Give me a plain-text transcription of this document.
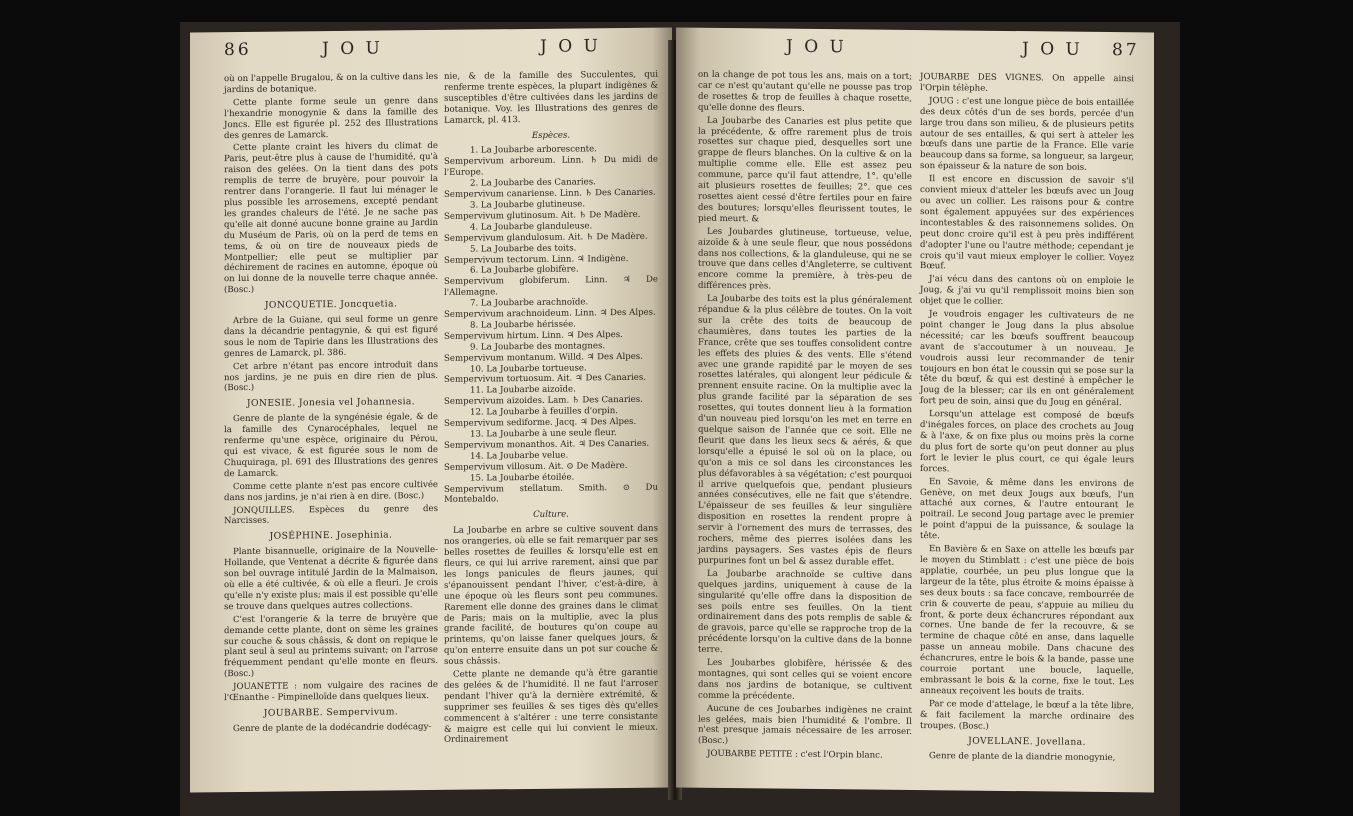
86	J O U	J O U

où on l'appelle Brugalou, & on la cultive dans les jardins de botanique.

Cette plante forme seule un genre dans l'hexandrie monogynie & dans la famille des Joncs. Elle est figurée pl. 252 des Illustrations des genres de Lamarck.

Cette plante craint les hivers du climat de Paris, peut-être plus à cause de l'humidité, qu'à raison des gelées. On la tient dans des pots remplis de terre de bruyère, pour pouvoir la rentrer dans l'orangerie. Il faut lui ménager le plus possible les arrosemens, excepté pendant les grandes chaleurs de l'été. Je ne sache pas qu'elle ait donné aucune bonne graine au Jardin du Muséum de Paris, où on la perd de tems en tems, & où on tire de nouveaux pieds de Montpellier; elle peut se multiplier par déchirement de racines en automne, époque où on lui donne de la nouvelle terre chaque année. (Bosc.)

JONCQUETIE. Joncquetia.

Arbre de la Guiane, qui seul forme un genre dans la décandrie pentagynie, & qui est figuré sous le nom de Tapirie dans les Illustrations des genres de Lamarck, pl. 386.

Cet arbre n'étant pas encore introduit dans nos jardins, je ne puis en dire rien de plus. (Bosc.)

JONESIE. Jonesia vel Johannesia.

Genre de plante de la syngénésie égale, & de la famille des Cynarocéphales, lequel ne renferme qu'une espèce, originaire du Pérou, qui est vivace, & est figurée sous le nom de Chuquiraga, pl. 691 des Illustrations des genres de Lamarck.

Comme cette plante n'est pas encore cultivée dans nos jardins, je n'ai rien à en dire. (Bosc.)

JONQUILLES. Espèces du genre des Narcisses.

JOSÉPHINE. Josephinia.

Plante bisannuelle, originaire de la Nouvelle-Hollande, que Ventenat a décrite & figurée dans son bel ouvrage intitulé Jardin de la Malmaison, où elle a été cultivée, & où elle a fleuri. Je crois qu'elle n'y existe plus; mais il est possible qu'elle se trouve dans quelques autres collections.

C'est l'orangerie & la terre de bruyère que demande cette plante, dont on sème les graines sur couche & sous châssis, & dont on repique le plant seul à seul au printems suivant; on l'arrose fréquemment pendant qu'elle monte en fleurs. (Bosc.)

JOUANETTE : nom vulgaire des racines de l'Œnanthe - Pimpinelloïde dans quelques lieux.

JOUBARBE. Sempervivum.

Genre de plante de la dodécandrie dodécagy-

nie, & de la famille des Succulentes, qui renferme trente espèces, la plupart indigènes & susceptibles d'être cultivées dans les jardins de botanique. Voy. les Illustrations des genres de Lamarck, pl. 413.

Espèces.

1. La Joubarbe arborescente.

Sempervivum arboreum. Linn. ♄ Du midi de l'Europe.

2. La Joubarbe des Canaries.

Sempervivum canariense. Linn. ♄ Des Canaries.

3. La Joubarbe glutineuse.

Sempervivum glutinosum. Ait. ♄ De Madère.

4. La Joubarbe glanduleuse.

Sempervivum glandulosum. Ait. ♄ De Madère.

5. La Joubarbe des toits.

Sempervivum tectorum. Linn. ♃ Indigène.

6. La Joubarbe globifère.

Sempervivum globiferum. Linn. ♃ De l'Allemagne.

7. La Joubarbe arachnoïde.

Sempervivum arachnoideum. Linn. ♃ Des Alpes.

8. La Joubarbe hérissée.

Sempervivum hirtum. Linn. ♃ Des Alpes.

9. La Joubarbe des montagnes.

Sempervivum montanum. Willd. ♃ Des Alpes.

10. La Joubarbe tortueuse.

Sempervivum tortuosum. Ait. ♃ Des Canaries.

11. La Joubarbe aizoïde.

Sempervivum aizoides. Lam. ♄ Des Canaries.

12. La Joubarbe à feuilles d'orpin.

Sempervivum sediforme. Jacq. ♃ Des Alpes.

13. La Joubarbe à une seule fleur.

Sempervivum monanthos. Ait. ♃ Des Canaries.

14. La Joubarbe velue.

Sempervivum villosum. Ait. ⊙ De Madère.

15. La Joubarbe étoilée.

Sempervivum stellatum. Smith. ⊙ Du Montebaldo.

Culture.

La Joubarbe en arbre se cultive souvent dans nos orangeries, où elle se fait remarquer par ses belles rosettes de feuilles & lorsqu'elle est en fleurs, ce qui lui arrive rarement, ainsi que par les longs panicules de fleurs jaunes, qui s'épanouissent pendant l'hiver, c'est-à-dire, à une époque où les fleurs sont peu communes. Rarement elle donne des graines dans le climat de Paris; mais on la multiplie, avec la plus grande facilité, de boutures qu'on coupe au printems, qu'on laisse faner quelques jours, & qu'on enterre ensuite dans un pot sur couche & sous châssis.

Cette plante ne demande qu'à être garantie des gelées & de l'humidité. Il ne faut l'arroser pendant l'hiver qu'à la dernière extrémité, & supprimer ses feuilles & ses tiges dès qu'elles commencent à s'altérer : une terre consistante & maigre est celle qui lui convient le mieux. Ordinairement

J O U	J O U 87

on la change de pot tous les ans, mais on a tort; car ce n'est qu'autant qu'elle ne pousse pas trop de rosettes & trop de feuilles à chaque rosette, qu'elle donne des fleurs.

La Joubarbe des Canaries est plus petite que la précédente, & offre rarement plus de trois rosettes sur chaque pied, desquelles sort une grappe de fleurs blanches. On la cultive & on la multiplie comme elle. Elle est assez peu commune, parce qu'il faut attendre, 1°. qu'elle ait plusieurs rosettes de feuilles; 2°. que ces rosettes aient cessé d'être fertiles pour en faire des boutures; lorsqu'elles fleurissent toutes, le pied meurt. &

Les Joubardes glutineuse, tortueuse, velue, aizoïde & à une seule fleur, que nous possédons dans nos collections, & la glanduleuse, qui ne se trouve que dans celles d'Angleterre, se cultivent encore comme la première, à très-peu de différences près.

La Joubarbe des toits est la plus généralement répandue & la plus célèbre de toutes. On la voit sur la crête des toits de beaucoup de chaumières, dans toutes les parties de la France, crête que ses touffes consolident contre les effets des pluies & des vents. Elle s'étend avec une grande rapidité par le moyen de ses rosettes latérales, qui alongent leur pédicule & prennent ensuite racine. On la multiplie avec la plus grande facilité par la séparation de ses rosettes, qui toutes donnent lieu à la formation d'un nouveau pied lorsqu'on les met en terre en quelque saison de l'année que ce soit. Elle ne fleurit que dans les lieux secs & aérés, & que lorsqu'elle a épuisé le sol où on la place, ou qu'on a mis ce sol dans les circonstances les plus défavorables à sa végétation; c'est pourquoi il arrive quelquefois que, pendant plusieurs années consécutives, elle ne fait que s'étendre. L'épaisseur de ses feuilles & leur singulière disposition en rosettes la rendent propre à servir à l'ornement des murs de terrasses, des rochers, même des pierres isolées dans les jardins paysagers. Ses vastes épis de fleurs purpurines font un bel & assez durable effet.

La Joubarbe arachnoïde se cultive dans quelques jardins, uniquement à cause de la singularité qu'elle offre dans la disposition de ses poils entre ses feuilles. On la tient ordinairement dans des pots remplis de sable & de gravois, parce qu'elle se rapproche trop de la précédente lorsqu'on la cultive dans de la bonne terre.

Les Joubarbes globifère, hérissée & des montagnes, qui sont celles qui se voient encore dans nos jardins de botanique, se cultivent comme la précédente.

Aucune de ces Joubarbes indigènes ne craint les gelées, mais bien l'humidité & l'ombre. Il n'est presque jamais nécessaire de les arroser. (Bosc.)

JOUBARBE PETITE : c'est l'Orpin blanc.

JOUBARBE DES VIGNES. On appelle ainsi l'Orpin télèphe.

JOUG : c'est une longue pièce de bois entaillée des deux côtés d'un de ses bords, percée d'un large trou dans son milieu, & de plusieurs petits autour de ses entailles, & qui sert à atteler les bœufs dans une partie de la France. Elle varie beaucoup dans sa forme, sa longueur, sa largeur, son épaisseur & la nature de son bois.

Il est encore en discussion de savoir s'il convient mieux d'atteler les bœufs avec un Joug ou avec un collier. Les raisons pour & contre sont également appuyées sur des expériences incontestables & des raisonnemens solides. On peut donc croire qu'il est à peu près indifférent d'adopter l'une ou l'autre méthode; cependant je crois qu'il vaut mieux employer le collier. Voyez Bœuf.

J'ai vécu dans des cantons où on emploie le Joug, & j'ai vu qu'il remplissoit moins bien son objet que le collier.

Je voudrois engager les cultivateurs de ne point changer le Joug dans la plus absolue nécessité; car les bœufs souffrent beaucoup avant de s'accoutumer à un nouveau. Je voudrois aussi leur recommander de tenir toujours en bon état le coussin qui se pose sur la tête du bœuf, & qui est destiné à empêcher le Joug de la blesser; car ils en ont généralement fort peu de soin, ainsi que du Joug en général.

Lorsqu'un attelage est composé de bœufs d'inégales forces, on place des crochets au Joug & à l'axe, & on fixe plus ou moins près la corne du plus fort de sorte qu'on peut donner au plus fort le levier le plus court, ce qui égale leurs forces.

En Savoie, & même dans les environs de Genève, on met deux Jougs aux bœufs, l'un attaché aux cornes, & l'autre entourant le poitrail. Le second Joug partage avec le premier le point d'appui de la puissance, & soulage la tête.

En Bavière & en Saxe on attelle les bœufs par le moyen du Stimblatt : c'est une pièce de bois applatie, courbée, un peu plus longue que la largeur de la tête, plus étroite & moins épaisse à ses deux bouts : sa face concave, rembourrée de crin & couverte de peau, s'appuie au milieu du front, & porte deux échancrures répondant aux cornes. Une bande de fer la recouvre, & se termine de chaque côté en anse, dans laquelle passe un anneau mobile. Dans chacune des échancrures, entre le bois & la bande, passe une courroie portant une boucle, laquelle, embrassant le bois & la corne, fixe le tout. Les anneaux reçoivent les bouts de traits.

Par ce mode d'attelage, le bœuf a la tête libre, & fait facilement la marche ordinaire des troupes. (Bosc.)

JOVELLANE. Jovellana.

Genre de plante de la diandrie monogynie,
